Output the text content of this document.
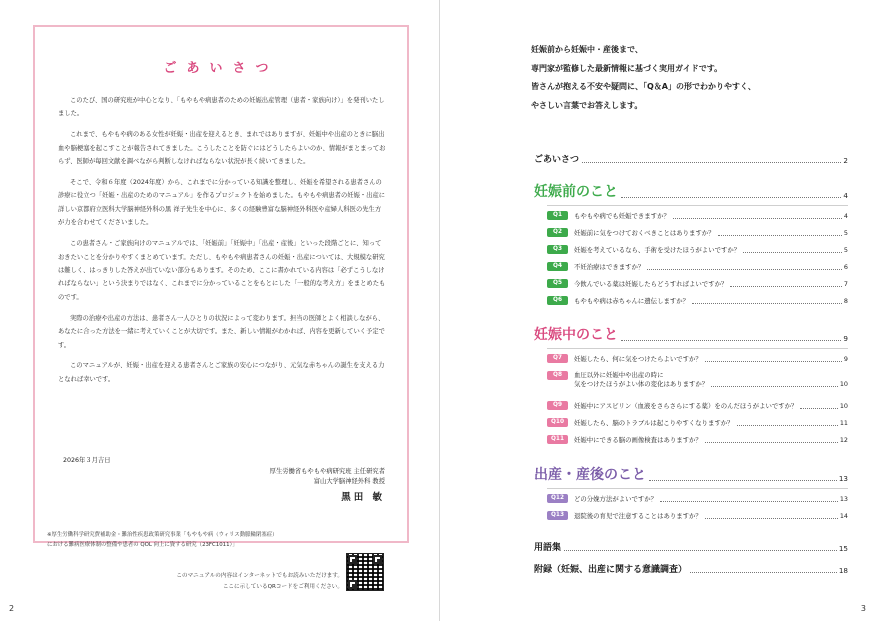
ごあいさつ

このたび、国の研究班が中心となり、「もやもや病患者のための妊娠出産管理（患者・家族向け）」を発刊いたしました。

これまで、もやもや病のある女性が妊娠・出産を迎えるとき、まれではありますが、妊娠中や出産のときに脳出血や脳梗塞を起こすことが報告されてきました。こうしたことを防ぐにはどうしたらよいのか、情報がまとまっておらず、医師が毎回文献を調べながら判断しなければならない状況が長く続いてきました。

そこで、令和６年度（2024年度）から、これまでに分かっている知識を整理し、妊娠を希望される患者さんの診療に役立つ「妊娠・出産のためのマニュアル」を作るプロジェクトを始めました。もやもや病患者の妊娠・出産に詳しい京都府立医科大学脳神経外科の黒 祥子先生を中心に、多くの経験豊富な脳神経外科医や産婦人科医の先生方が力を合わせてくださいました。

この患者さん・ご家族向けのマニュアルでは、「妊娠前」「妊娠中」「出産・産後」といった段階ごとに、知っておきたいことを分かりやすくまとめています。ただし、もやもや病患者さんの妊娠・出産については、大規模な研究は難しく、はっきりした答えが出ていない部分もあります。そのため、ここに書かれている内容は「必ずこうしなければならない」という決まりではなく、これまでに分かっていることをもとにした「一般的な考え方」をまとめたものです。

実際の治療や出産の方法は、患者さん一人ひとりの状況によって変わります。担当の医師とよく相談しながら、あなたに合った方法を一緒に考えていくことが大切です。また、新しい情報がわかれば、内容を更新していく予定です。

このマニュアルが、妊娠・出産を迎える患者さんとご家族の安心につながり、元気な赤ちゃんの誕生を支える力となれば幸いです。

2026年３月吉日
厚生労働省もやもや病研究班 主任研究者
富山大学脳神経外科 教授
黒田 敏
※厚生労働科学研究費補助金・難治性疾患政策研究事業「もやもや病（ウィリス動脈輪閉塞症）
における難病医療体制の整備や患者の QOL 向上に資する研究（23FC1011）」
このマニュアルの内容はインターネットでもお読みいただけます。
ここに示しているQRコードをご利用ください。
2
妊娠前から妊娠中・産後まで、
専門家が監修した最新情報に基づく実用ガイドです。
皆さんが抱える不安や疑問に、「Q＆A」の形でわかりやすく、
やさしい言葉でお答えします。
ごあいさつ	2
妊娠前のこと	4
Q1	もやもや病でも妊娠できますか？	4
Q2	妊娠前に気をつけておくべきことはありますか？	5
Q3	妊娠を考えているなら、手術を受けたほうがよいですか？	5
Q4	不妊治療はできますか？	6
Q5	今飲んでいる薬は妊娠したらどうすればよいですか？	7
Q6	もやもや病は赤ちゃんに遺伝しますか？	8
妊娠中のこと	9
Q7	妊娠したら、何に気をつけたらよいですか？	9
Q8	血圧以外に妊娠中や出産の時に
気をつけたほうがよい体の変化はありますか？	10
Q9	妊娠中にアスピリン（血液をさらさらにする薬）をのんだほうがよいですか？	10
Q10	妊娠したら、脳のトラブルは起こりやすくなりますか？	11
Q11	妊娠中にできる脳の画像検査はありますか？	12
出産・産後のこと	13
Q12	どの分娩方法がよいですか？	13
Q13	退院後の育児で注意することはありますか？	14
用語集	15
附録（妊娠、出産に関する意識調査）	18
3
